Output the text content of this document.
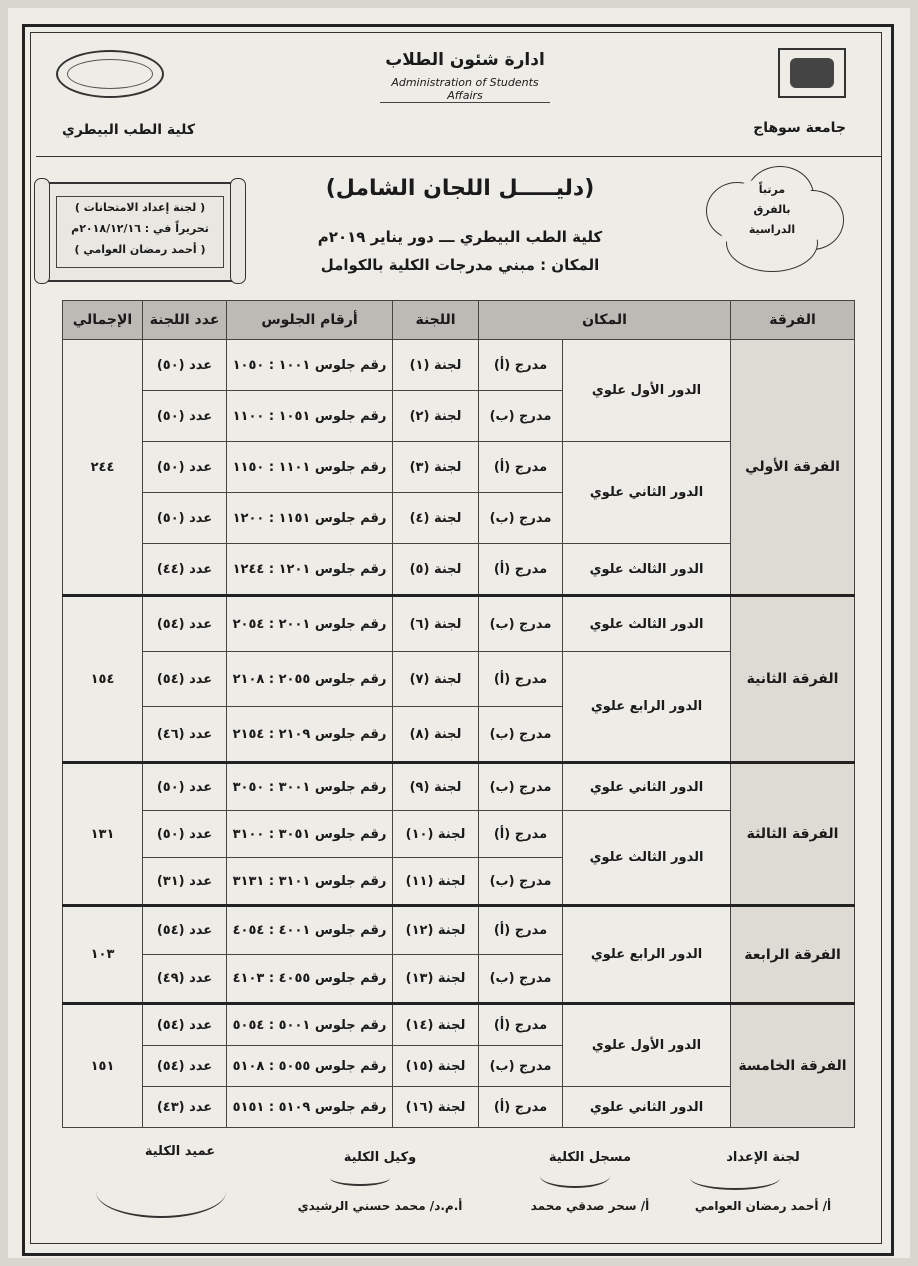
ادارة شئون الطلاب
Administration of Students Affairs
كلية الطب البيطري	جامعة سوهاج
( لجنة إعداد الامتحانات )
تحريراً في : ٢٠١٨/١٢/١٦م
( أحمد رمضان العوامي )
مرتباً
بالفرق
الدراسية
(دليـــــل اللجان الشامل)
كلية الطب البيطري ـــ دور يناير ٢٠١٩م
المكان : مبني مدرجات الكلية بالكوامل
الفرقة	المكان		اللجنة	أرقام الجلوس	عدد اللجنة	الإجمالي
الفرقة الأولي	الدور الأول علوي	مدرج (أ)	لجنة (١)	رقم جلوس ١٠٠١ : ١٠٥٠	عدد (٥٠)	٢٤٤
		مدرج (ب)	لجنة (٢)	رقم جلوس ١٠٥١ : ١١٠٠	عدد (٥٠)	
	الدور الثاني علوي	مدرج (أ)	لجنة (٣)	رقم جلوس ١١٠١ : ١١٥٠	عدد (٥٠)	
		مدرج (ب)	لجنة (٤)	رقم جلوس ١١٥١ : ١٢٠٠	عدد (٥٠)	
	الدور الثالث علوي	مدرج (أ)	لجنة (٥)	رقم جلوس ١٢٠١ : ١٢٤٤	عدد (٤٤)	
الفرقة الثانية	الدور الثالث علوي	مدرج (ب)	لجنة (٦)	رقم جلوس ٢٠٠١ : ٢٠٥٤	عدد (٥٤)	١٥٤
	الدور الرابع علوي	مدرج (أ)	لجنة (٧)	رقم جلوس ٢٠٥٥ : ٢١٠٨	عدد (٥٤)	
		مدرج (ب)	لجنة (٨)	رقم جلوس ٢١٠٩ : ٢١٥٤	عدد (٤٦)	
الفرقة الثالثة	الدور الثاني علوي	مدرج (ب)	لجنة (٩)	رقم جلوس ٣٠٠١ : ٣٠٥٠	عدد (٥٠)	١٣١
	الدور الثالث علوي	مدرج (أ)	لجنة (١٠)	رقم جلوس ٣٠٥١ : ٣١٠٠	عدد (٥٠)	
		مدرج (ب)	لجنة (١١)	رقم جلوس ٣١٠١ : ٣١٣١	عدد (٣١)	
الفرقة الرابعة	الدور الرابع علوي	مدرج (أ)	لجنة (١٢)	رقم جلوس ٤٠٠١ : ٤٠٥٤	عدد (٥٤)	١٠٣
		مدرج (ب)	لجنة (١٣)	رقم جلوس ٤٠٥٥ : ٤١٠٣	عدد (٤٩)	
الفرقة الخامسة	الدور الأول علوي	مدرج (أ)	لجنة (١٤)	رقم جلوس ٥٠٠١ : ٥٠٥٤	عدد (٥٤)	١٥١
		مدرج (ب)	لجنة (١٥)	رقم جلوس ٥٠٥٥ : ٥١٠٨	عدد (٥٤)	
	الدور الثاني علوي	مدرج (أ)	لجنة (١٦)	رقم جلوس ٥١٠٩ : ٥١٥١	عدد (٤٣)	
لجنة الإعداد
أ/ أحمد رمضان العوامي
مسجل الكلية
أ/ سحر صدقي محمد
وكيل الكلية
أ.م.د/ محمد حسني الرشيدي
عميد الكلية
